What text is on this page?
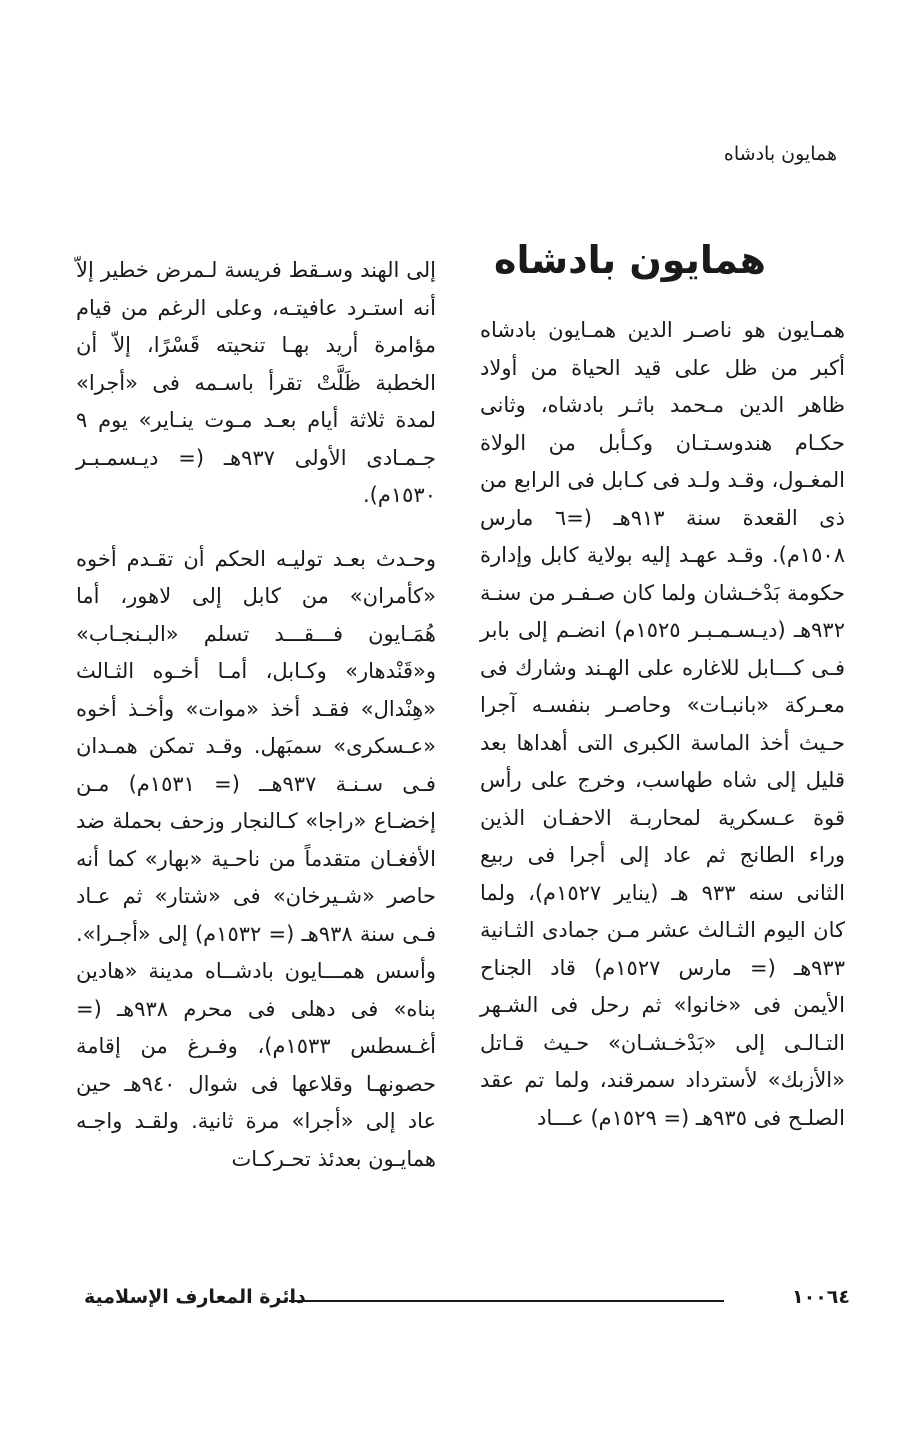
همايون بادشاه
همايون بادشاه

همـايون هو ناصـر الدين همـايون بادشاه أكبر من ظل على قيد الحياة من أولاد ظاهر الدين مـحمد باثـر بادشاه، وثانى حكـام هندوسـتـان وكـأبل من الولاة المغـول، وقـد ولـد فى كـابل فى الرابع من ذى القعدة سنة ٩١٣هـ (=٦ مارس ١٥٠٨م). وقـد عهـد إليه بولاية كابل وإدارة حكومة بَدْخـشان ولما كان صـفـر من سنـة ٩٣٢هـ (ديـسـمـبـر ١٥٢٥م) انضـم إلى بابر فـى كـــابل للاغاره على الهـند وشارك فى معـركة «بانبـات» وحاصـر بنفسـه آجرا حـيث أخذ الماسة الكبرى التى أهداها بعد قليل إلى شاه طهاسب، وخرج على رأس قوة عـسكرية لمحاربـة الاحفـان الذين وراء الطانج ثم عاد إلى أجرا فى ربيع الثانى سنه ٩٣٣ هـ (يناير ١٥٢٧م)، ولما كان اليوم الثـالث عشر مـن جمادى الثـانية ٩٣٣هـ (= مارس ١٥٢٧م) قاد الجناح الأيمن فى «خانوا» ثم رحل فى الشـهر التـالـى إلى «بَدْخـشـان» حـيث قـاتل «الأزبك» لأسترداد سمرقند، ولما تم عقد الصلـح فى ٩٣٥هـ (= ١٥٢٩م) عـــاد

إلى الهند وسـقط فريسة لـمرض خطير إلاّ أنه استـرد عافيتـه، وعلى الرغم من قيام مؤامرة أريد بهـا تنحيته قَسْرًا، إلاّ أن الخطبة ظَلَّتْ تقرأ باسـمه فى «أجرا» لمدة ثلاثة أيام بعـد مـوت ينـاير» يوم ٩ جـمـادى الأولى ٩٣٧هـ (= ديـسمـبـر ١٥٣٠م).

وحـدث بعـد توليـه الحكم أن تقـدم أخوه «كأمران» من كابل إلى لاهور، أما هُمَـايون فـــقـــد تسلم «البـنجـاب» و«قَنْدهار» وكـابل، أمـا أخـوه الثـالث «هِنْدال» فقـد أخذ «موات» وأخـذ أخوه «عـسكرى» سمبَهل. وقـد تمكن همـدان فـى سـنـة ٩٣٧هــ (= ١٥٣١م) مـن إخضـاع «راجا» كـالنجار وزحف بحملة ضد الأفغـان متقدماً من ناحـية «بهار» كما أنه حاصر «شـيرخان» فى «شتار» ثم عـاد فـى سنة ٩٣٨هـ (= ١٥٣٢م) إلى «أجـرا». وأسس همـــايون بادشــاه مدينة «هادين بناه» فى دهلى فى محرم ٩٣٨هـ (= أغـسطس ١٥٣٣م)، وفـرغ من إقامة حصونهـا وقلاعها فى شوال ٩٤٠هـ حين عاد إلى «أجرا» مرة ثانية. ولقـد واجـه همايـون بعدئذ تحـركـات

دائرة المعارف الإسلامية	١٠٠٦٤
